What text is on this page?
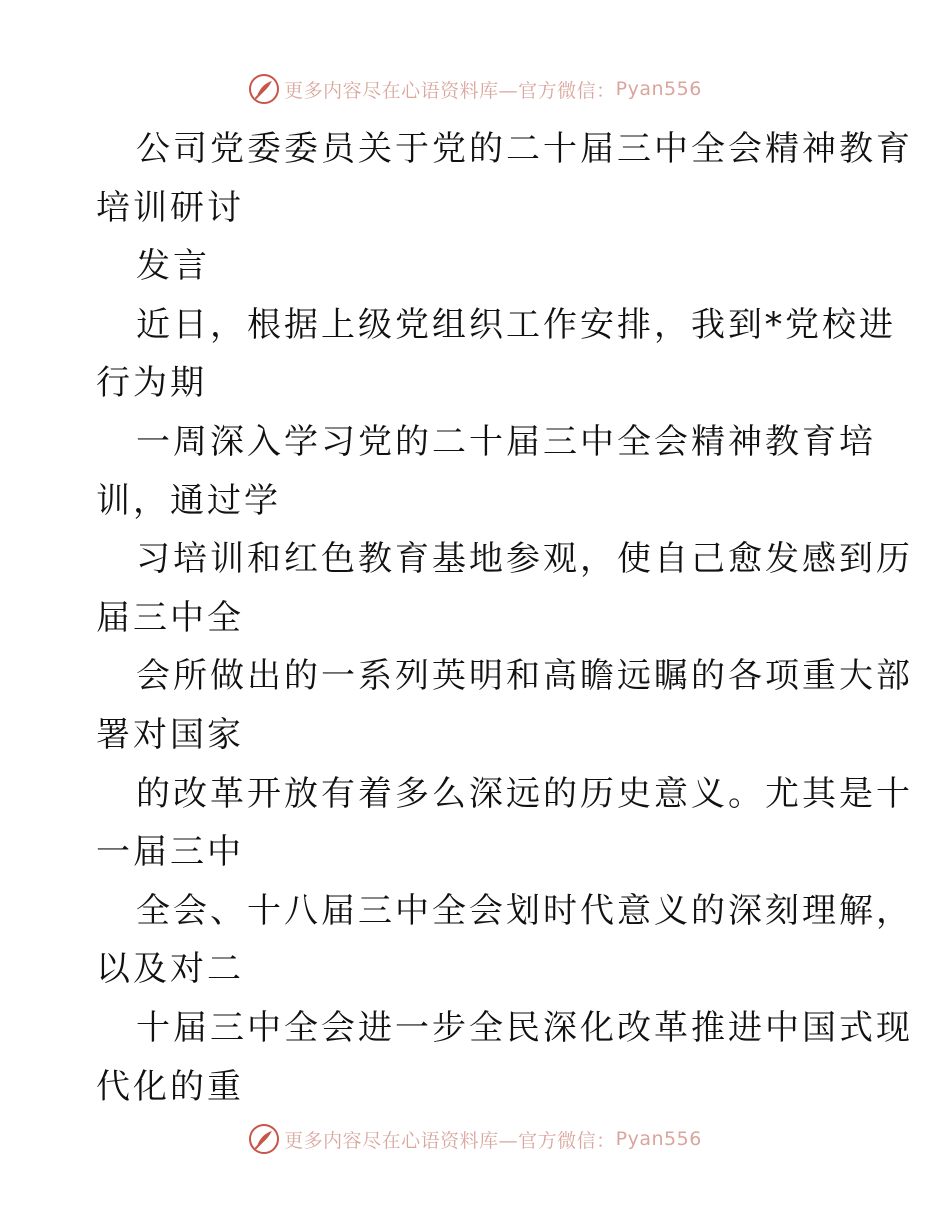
更多内容尽在心语资料库—官方微信： Pyan556
公司党委委员关于党的二十届三中全会精神教育
培训研讨
发言
近日，根据上级党组织工作安排，我到*党校进
行为期
一周深入学习党的二十届三中全会精神教育培
训，通过学
习培训和红色教育基地参观，使自己愈发感到历
届三中全
会所做出的一系列英明和高瞻远瞩的各项重大部
署对国家
的改革开放有着多么深远的历史意义。尤其是十
一届三中
全会、十八届三中全会划时代意义的深刻理解，
以及对二
十届三中全会进一步全民深化改革推进中国式现
代化的重
更多内容尽在心语资料库—官方微信： Pyan556
